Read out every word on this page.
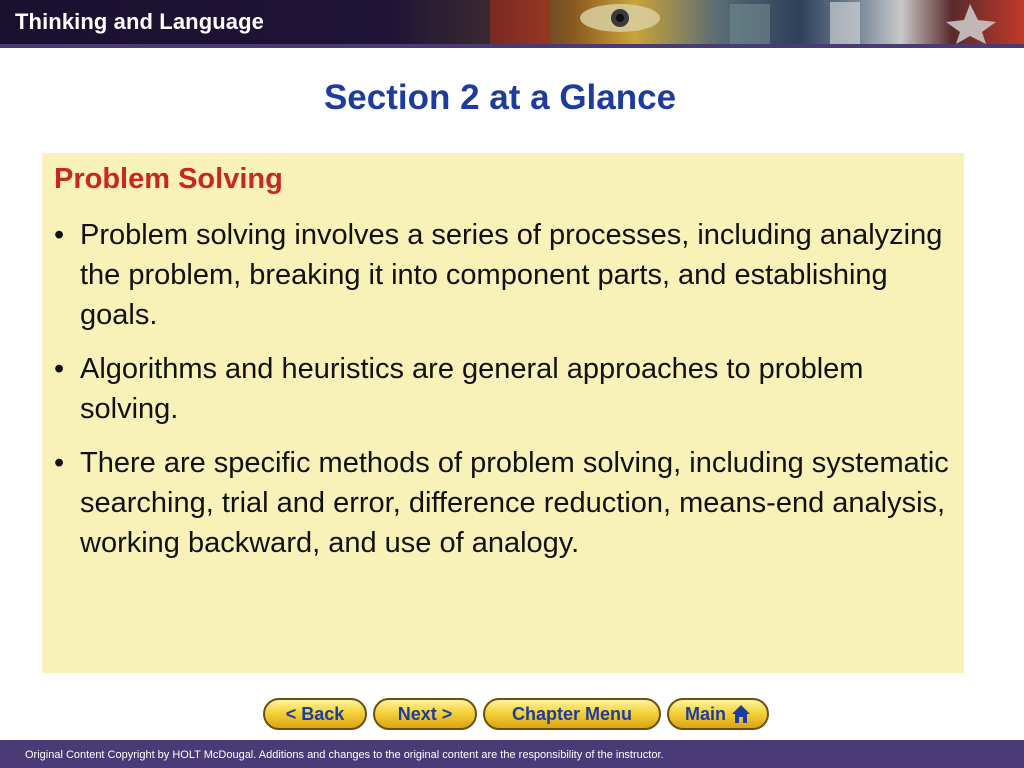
Thinking and Language
Section 2 at a Glance
Problem Solving
• Problem solving involves a series of processes, including analyzing the problem, breaking it into component parts, and establishing goals.
• Algorithms and heuristics are general approaches to problem solving.
• There are specific methods of problem solving, including systematic searching, trial and error, difference reduction, means-end analysis, working backward, and use of analogy.
< Back	Next >	Chapter Menu	Main
Original Content Copyright by HOLT McDougal. Additions and changes to the original content are the responsibility of the instructor.
